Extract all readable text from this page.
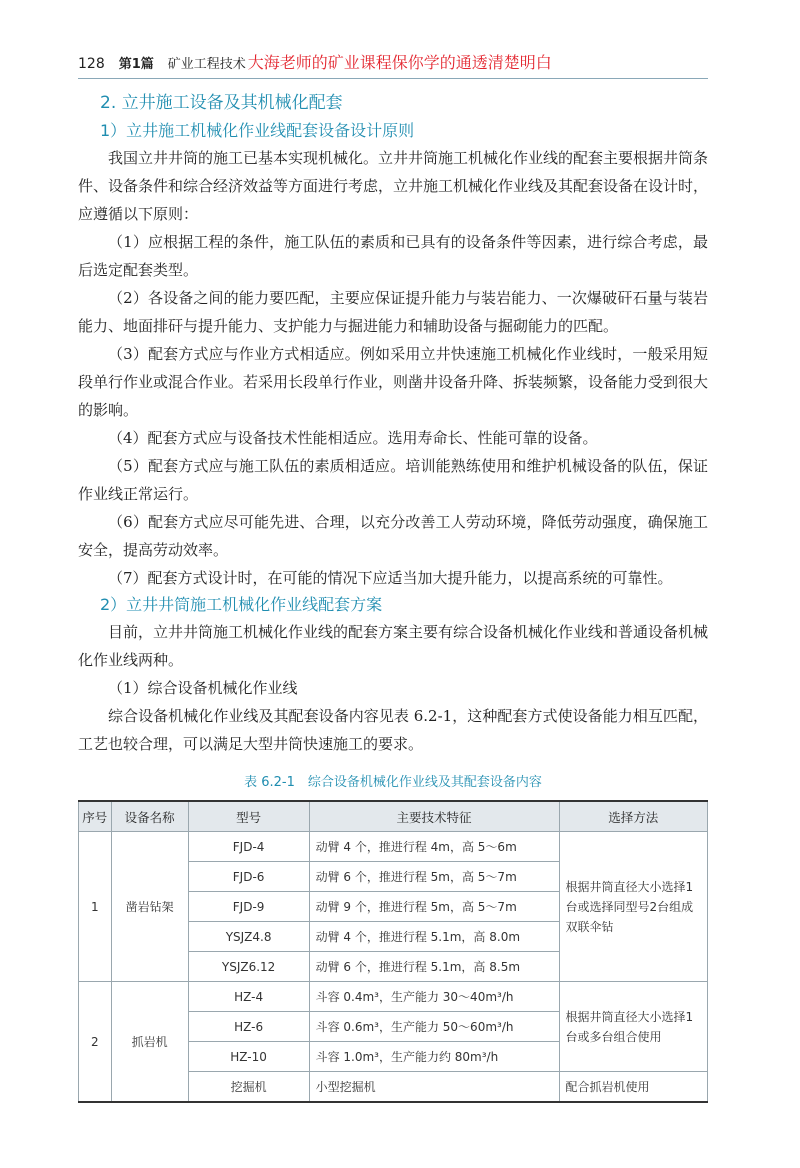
128 第1篇 矿业工程技术 大海老师的矿业课程保你学的通透清楚明白
2. 立井施工设备及其机械化配套
1）立井施工机械化作业线配套设备设计原则

我国立井井筒的施工已基本实现机械化。立井井筒施工机械化作业线的配套主要根据井筒条件、设备条件和综合经济效益等方面进行考虑，立井施工机械化作业线及其配套设备在设计时，应遵循以下原则：

（1）应根据工程的条件，施工队伍的素质和已具有的设备条件等因素，进行综合考虑，最后选定配套类型。

（2）各设备之间的能力要匹配，主要应保证提升能力与装岩能力、一次爆破矸石量与装岩能力、地面排矸与提升能力、支护能力与掘进能力和辅助设备与掘砌能力的匹配。

（3）配套方式应与作业方式相适应。例如采用立井快速施工机械化作业线时，一般采用短段单行作业或混合作业。若采用长段单行作业，则凿井设备升降、拆装频繁，设备能力受到很大的影响。

（4）配套方式应与设备技术性能相适应。选用寿命长、性能可靠的设备。

（5）配套方式应与施工队伍的素质相适应。培训能熟练使用和维护机械设备的队伍，保证作业线正常运行。

（6）配套方式应尽可能先进、合理，以充分改善工人劳动环境，降低劳动强度，确保施工安全，提高劳动效率。

（7）配套方式设计时，在可能的情况下应适当加大提升能力，以提高系统的可靠性。

2）立井井筒施工机械化作业线配套方案

目前，立井井筒施工机械化作业线的配套方案主要有综合设备机械化作业线和普通设备机械化作业线两种。

（1）综合设备机械化作业线

综合设备机械化作业线及其配套设备内容见表 6.2-1，这种配套方式使设备能力相互匹配，工艺也较合理，可以满足大型井筒快速施工的要求。

表 6.2-1　综合设备机械化作业线及其配套设备内容
序号	设备名称	型号	主要技术特征	选择方法
1	凿岩钻架	FJD-4	动臂 4 个，推进行程 4m，高 5～6m	根据井筒直径大小选择1台或选择同型号2台组成双联伞钻
		FJD-6	动臂 6 个，推进行程 5m，高 5～7m	
		FJD-9	动臂 9 个，推进行程 5m，高 5～7m	
		YSJZ4.8	动臂 4 个，推进行程 5.1m，高 8.0m	
		YSJZ6.12	动臂 6 个，推进行程 5.1m，高 8.5m	
2	抓岩机	HZ-4	斗容 0.4m³，生产能力 30～40m³/h	根据井筒直径大小选择1台或多台组合使用
		HZ-6	斗容 0.6m³，生产能力 50～60m³/h	
		HZ-10	斗容 1.0m³，生产能力约 80m³/h	
		挖掘机	小型挖掘机	配合抓岩机使用
